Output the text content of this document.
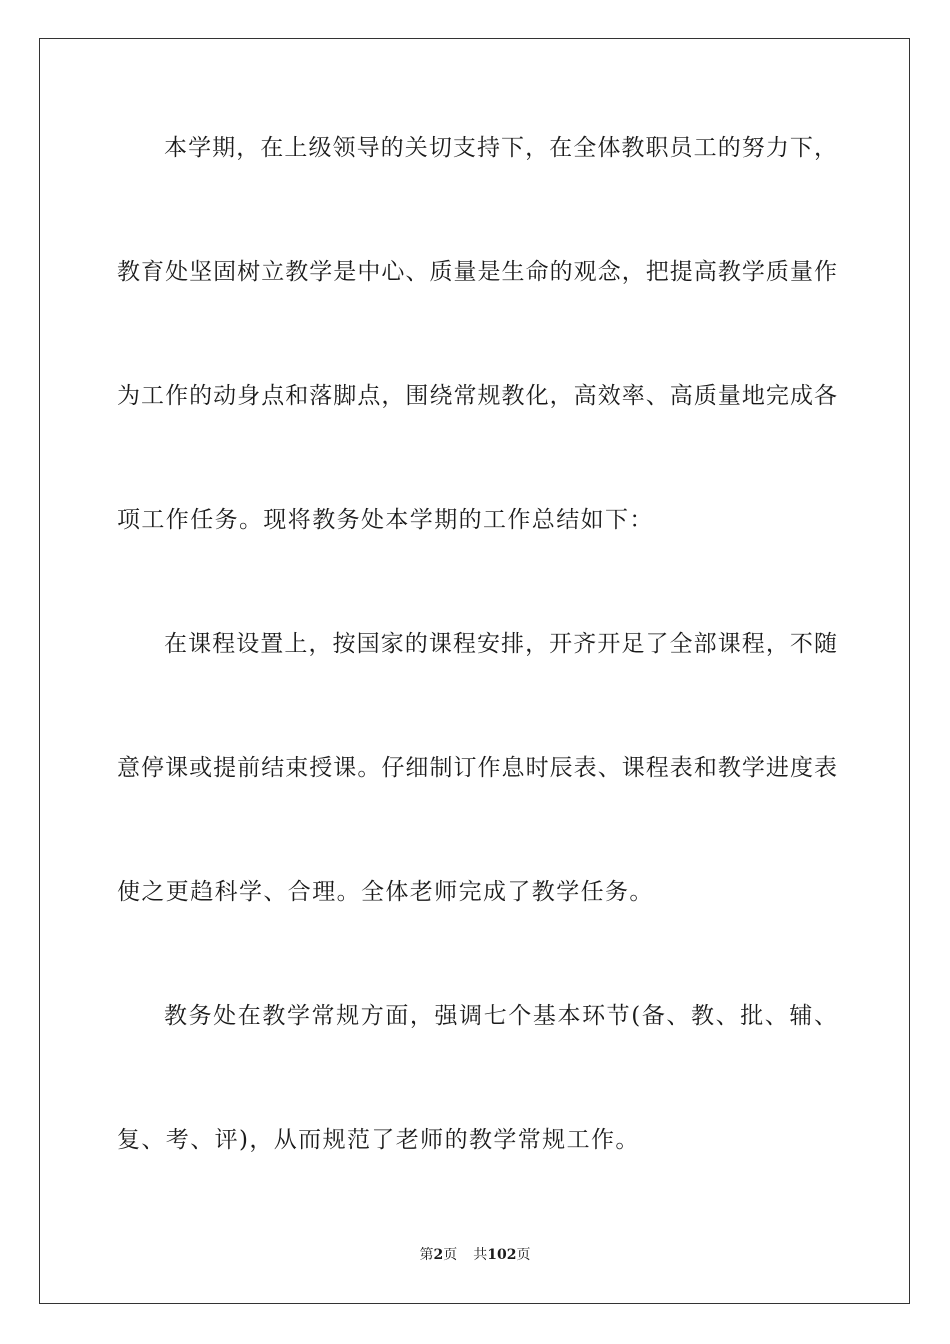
本学期，在上级领导的关切支持下，在全体教职员工的努力下，
教育处坚固树立教学是中心、质量是生命的观念，把提高教学质量作
为工作的动身点和落脚点，围绕常规教化，高效率、高质量地完成各
项工作任务。现将教务处本学期的工作总结如下：
在课程设置上，按国家的课程安排，开齐开足了全部课程，不随
意停课或提前结束授课。仔细制订作息时辰表、课程表和教学进度表
使之更趋科学、合理。全体老师完成了教学任务。
教务处在教学常规方面，强调七个基本环节(备、教、批、辅、
复、考、评)，从而规范了老师的教学常规工作。
第2页 共102页
